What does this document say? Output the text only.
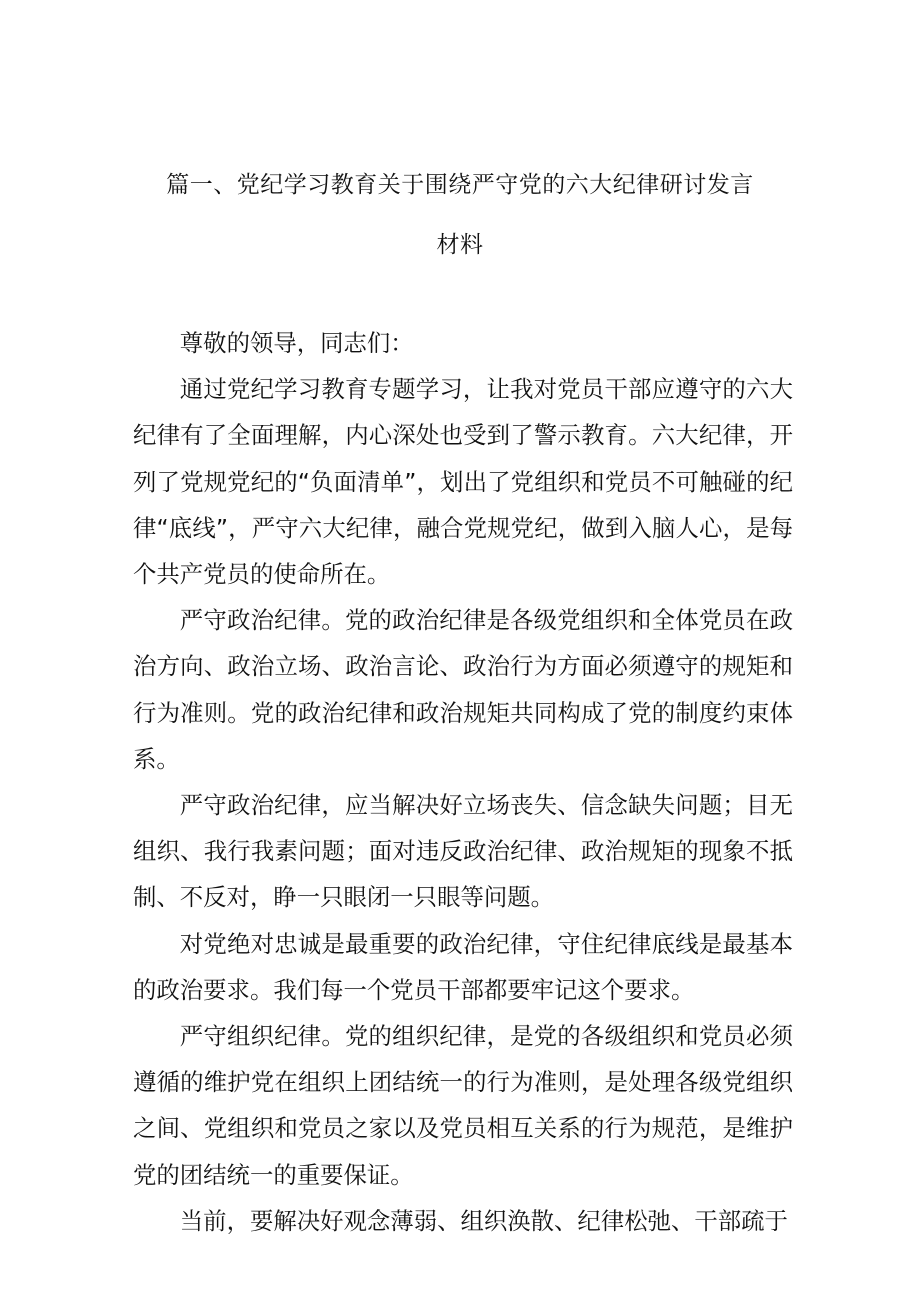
篇一、党纪学习教育关于围绕严守党的六大纪律研讨发言
材料

尊敬的领导，同志们：

通过党纪学习教育专题学习，让我对党员干部应遵守的六大纪律有了全面理解，内心深处也受到了警示教育。六大纪律，开列了党规党纪的“负面清单”，划出了党组织和党员不可触碰的纪律“底线”，严守六大纪律，融合党规党纪，做到入脑人心，是每个共产党员的使命所在。

严守政治纪律。党的政治纪律是各级党组织和全体党员在政治方向、政治立场、政治言论、政治行为方面必须遵守的规矩和行为准则。党的政治纪律和政治规矩共同构成了党的制度约束体系。

严守政治纪律，应当解决好立场丧失、信念缺失问题；目无组织、我行我素问题；面对违反政治纪律、政治规矩的现象不抵制、不反对，睁一只眼闭一只眼等问题。

对党绝对忠诚是最重要的政治纪律，守住纪律底线是最基本的政治要求。我们每一个党员干部都要牢记这个要求。

严守组织纪律。党的组织纪律，是党的各级组织和党员必须遵循的维护党在组织上团结统一的行为准则，是处理各级党组织之间、党组织和党员之家以及党员相互关系的行为规范，是维护党的团结统一的重要保证。

当前，要解决好观念薄弱、组织涣散、纪律松弛、干部疏于
